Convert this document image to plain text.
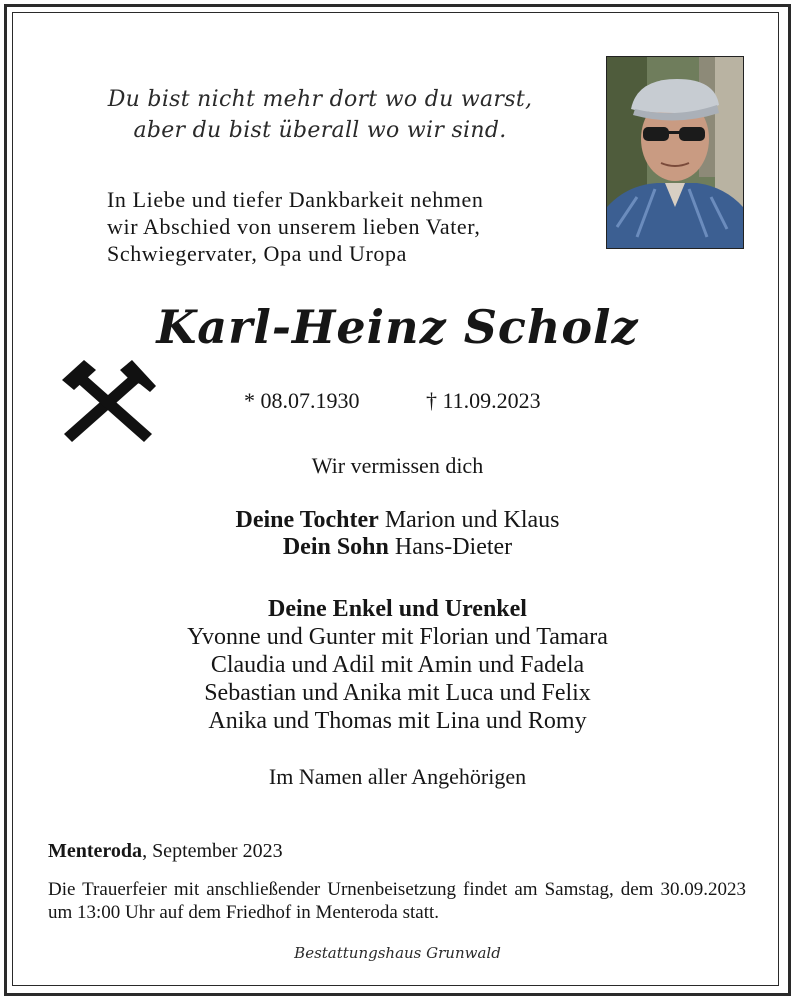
Du bist nicht mehr dort wo du warst,
aber du bist überall wo wir sind.
In Liebe und tiefer Dankbarkeit nehmen
wir Abschied von unserem lieben Vater,
Schwiegervater, Opa und Uropa
Karl-Heinz Scholz
* 08.07.1930	† 11.09.2023
Wir vermissen dich
Deine Tochter Marion und Klaus
Dein Sohn Hans-Dieter
Deine Enkel und Urenkel
Yvonne und Gunter mit Florian und Tamara
Claudia und Adil mit Amin und Fadela
Sebastian und Anika mit Luca und Felix
Anika und Thomas mit Lina und Romy
Im Namen aller Angehörigen
Menteroda, September 2023
Die Trauerfeier mit anschließender Urnenbeisetzung findet am Samstag, dem 30.09.2023 um 13:00 Uhr auf dem Friedhof in Menteroda statt.
Bestattungshaus Grunwald
